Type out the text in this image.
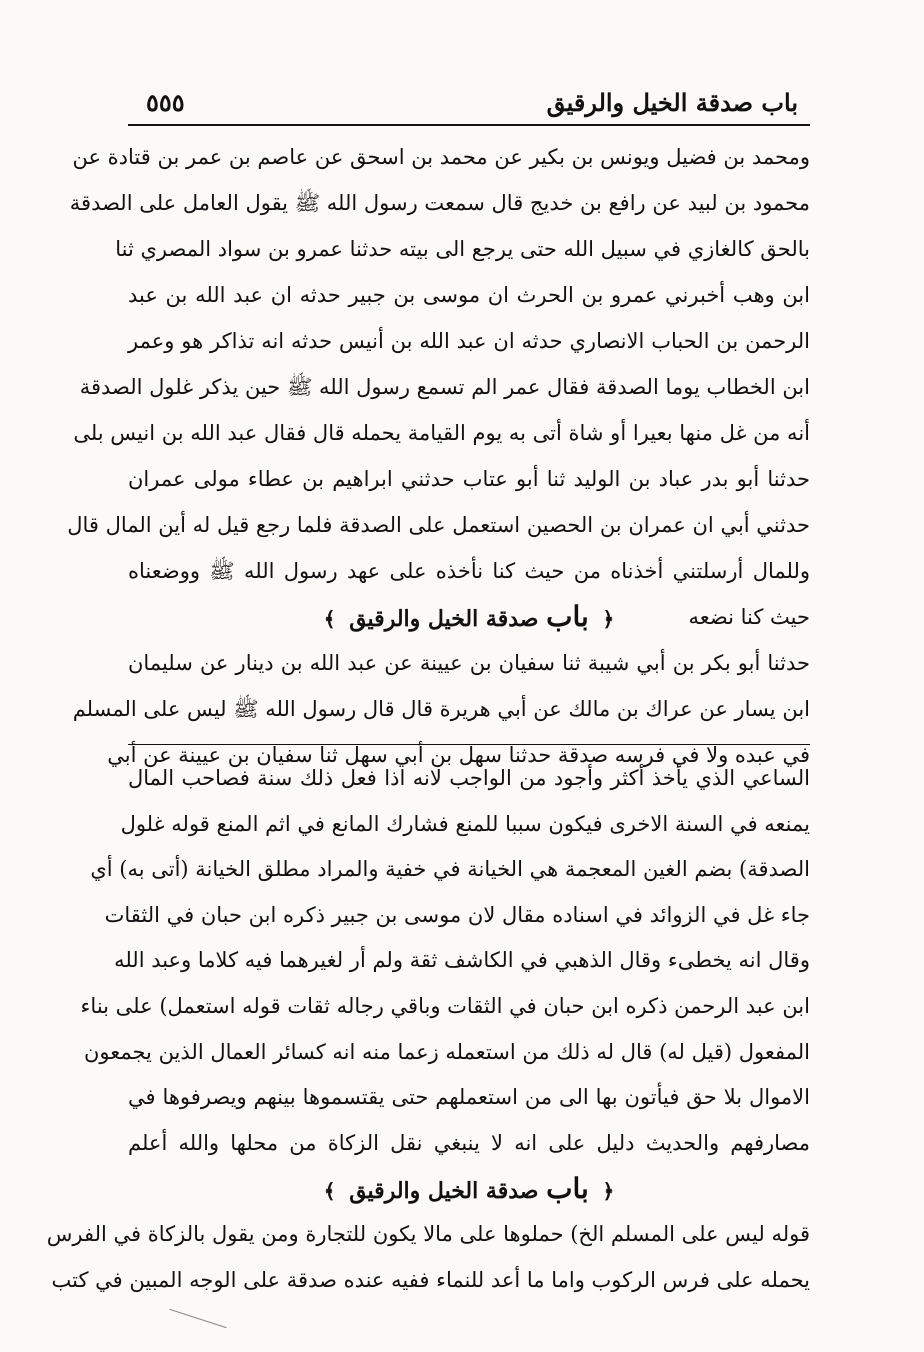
٥٥٥	باب صدقة الخيل والرقيق
ومحمد بن فضيل ويونس بن بكير عن محمد بن اسحق عن عاصم بن عمر بن قتادة عن
محمود بن لبيد عن رافع بن خديج قال سمعت رسول الله ﷺ يقول العامل على الصدقة
بالحق كالغازي في سبيل الله حتى يرجع الى بيته حدثنا عمرو بن سواد المصري ثنا
ابن وهب أخبرني عمرو بن الحرث ان موسى بن جبير حدثه ان عبد الله بن عبد
الرحمن بن الحباب الانصاري حدثه ان عبد الله بن أنيس حدثه انه تذاكر هو وعمر
ابن الخطاب يوما الصدقة فقال عمر الم تسمع رسول الله ﷺ حين يذكر غلول الصدقة
أنه من غل منها بعيرا أو شاة أتى به يوم القيامة يحمله قال فقال عبد الله بن انيس بلى
حدثنا أبو بدر عباد بن الوليد ثنا أبو عتاب حدثني ابراهيم بن عطاء مولى عمران
حدثني أبي ان عمران بن الحصين استعمل على الصدقة فلما رجع قيل له أين المال قال
وللمال أرسلتني أخذناه من حيث كنا نأخذه على عهد رسول الله ﷺ ووضعناه
حيث كنا نضعه
﴿ باب صدقة الخيل والرقيق ﴾
حدثنا أبو بكر بن أبي شيبة ثنا سفيان بن عيينة عن عبد الله بن دينار عن سليمان
ابن يسار عن عراك بن مالك عن أبي هريرة قال قال رسول الله ﷺ ليس على المسلم
في عبده ولا في فرسه صدقة حدثنا سهل بن أبي سهل ثنا سفيان بن عيينة عن أبي
الساعي الذي يأخذ أكثر وأجود من الواجب لانه اذا فعل ذلك سنة فصاحب المال
يمنعه في السنة الاخرى فيكون سببا للمنع فشارك المانع في اثم المنع قوله غلول
الصدقة) بضم الغين المعجمة هي الخيانة في خفية والمراد مطلق الخيانة (أتى به) أي
جاء غل في الزوائد في اسناده مقال لان موسى بن جبير ذكره ابن حبان في الثقات
وقال انه يخطىء وقال الذهبي في الكاشف ثقة ولم أر لغيرهما فيه كلاما وعبد الله
ابن عبد الرحمن ذكره ابن حبان في الثقات وباقي رجاله ثقات قوله استعمل) على بناء
المفعول (قيل له) قال له ذلك من استعمله زعما منه انه كسائر العمال الذين يجمعون
الاموال بلا حق فيأتون بها الى من استعملهم حتى يقتسموها بينهم ويصرفوها في
مصارفهم والحديث دليل على انه لا ينبغي نقل الزكاة من محلها والله أعلم
﴿ باب صدقة الخيل والرقيق ﴾
قوله ليس على المسلم الخ) حملوها على مالا يكون للتجارة ومن يقول بالزكاة في الفرس
يحمله على فرس الركوب واما ما أعد للنماء ففيه عنده صدقة على الوجه المبين في كتب
